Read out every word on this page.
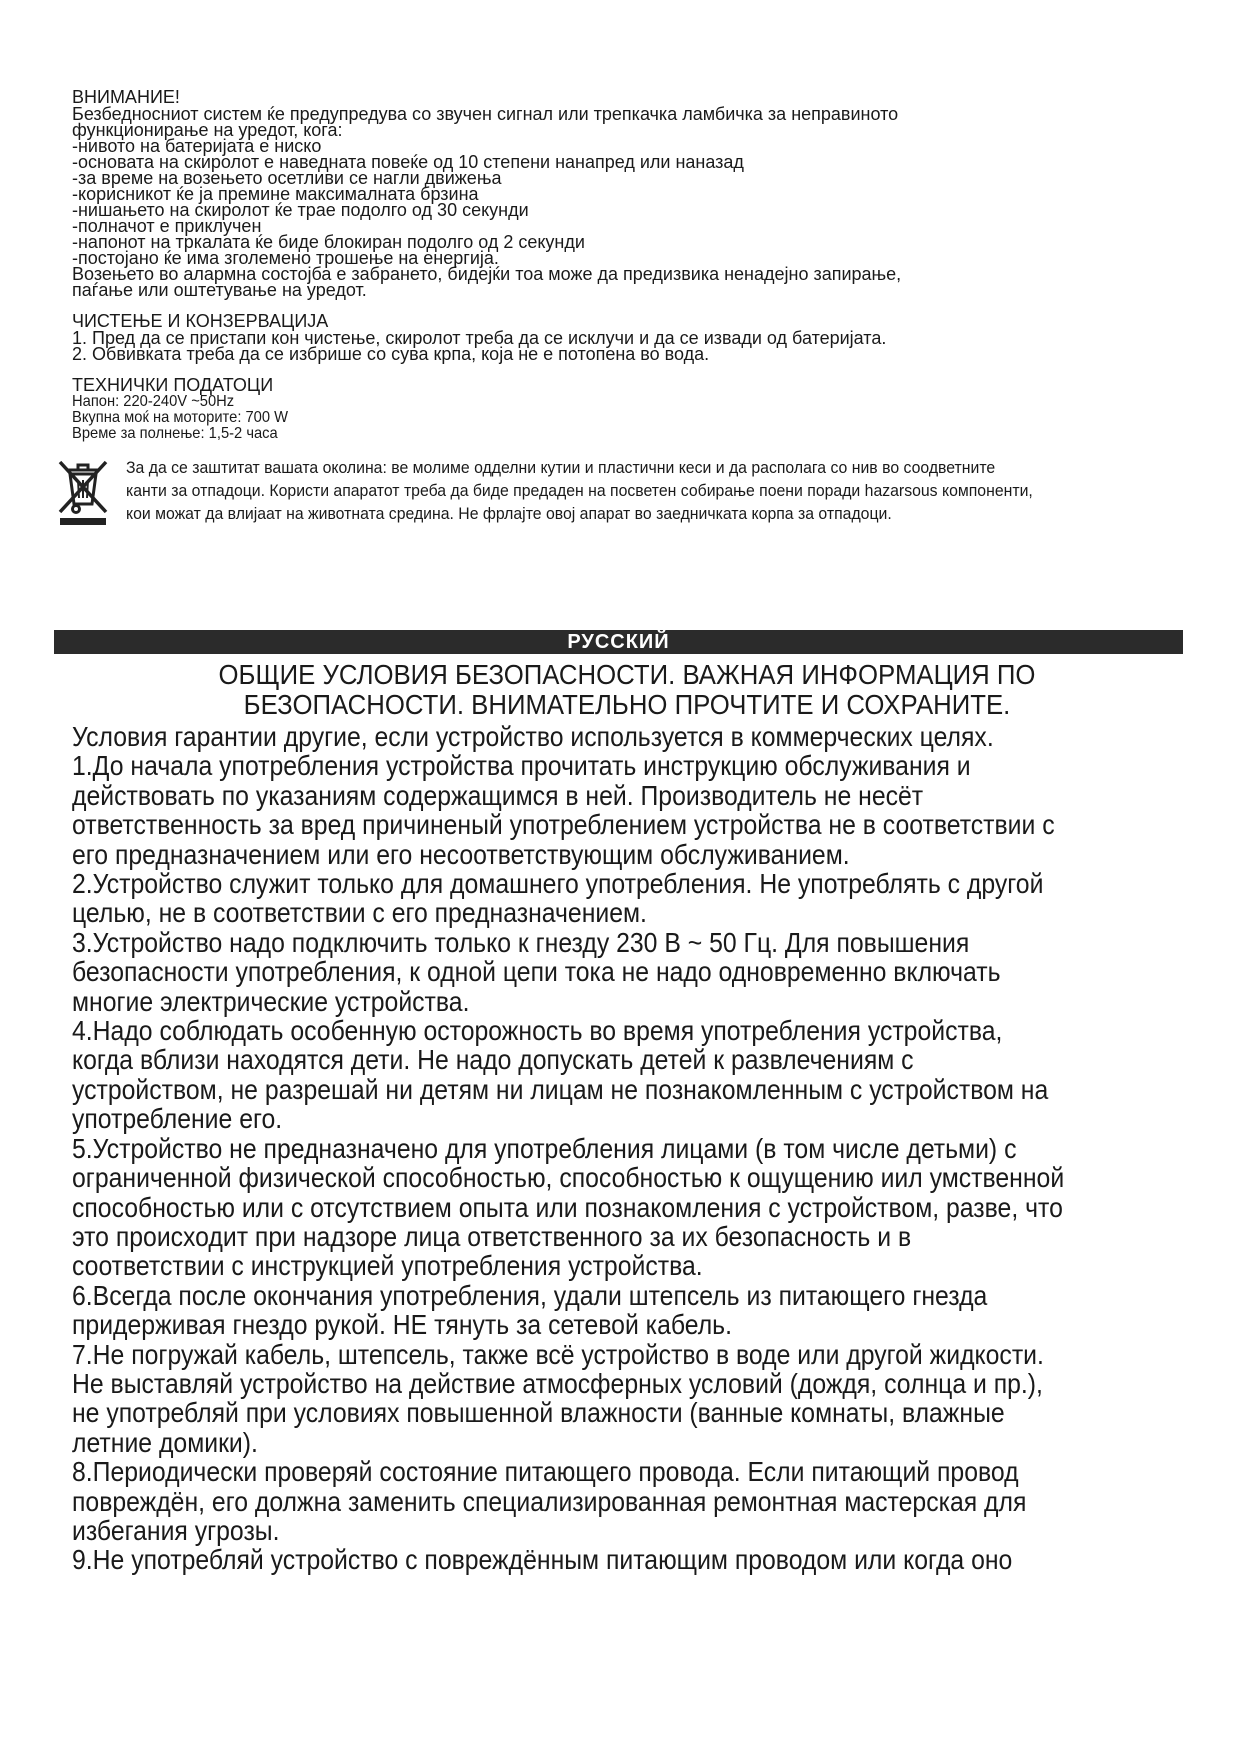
ВНИМАНИЕ!
Безбедносниот систем ќе предупредува со звучен сигнал или трепкачка ламбичка за неправиното
функционирање на уредот, кога:
-нивото на батеријата е ниско
-основата на скиролот е наведната повеќе од 10 степени нанапред или наназад
-за време на возењето осетливи се нагли движења
-корисникот ќе ја премине максималната брзина
-нишањето на скиролот ќе трае подолго од 30 секунди
-полначот е приклучен
-напонот на тркалата ќе биде блокиран подолго од 2 секунди
-постојано ќе има зголемено трошење на енергија.
Возењето во алармна состојба е забрането, бидејќи тоа може да предизвика ненадејно запирање,
паѓање или оштетување на уредот.
ЧИСТЕЊЕ И КОНЗЕРВАЦИЈА
1. Пред да се пристапи кон чистење, скиролот треба да се исклучи и да се извади од батеријата.
2. Обвивката треба да се избрише со сува крпа, која не е потопена во вода.
ТЕХНИЧКИ ПОДАТОЦИ
Напон: 220-240V ~50Hz
Вкупна моќ на моторите: 700 W
Време за полнење: 1,5-2 часа
За да се заштитат вашата околина: ве молиме одделни кутии и пластични кеси и да располага со нив во соодветните
канти за отпадоци. Користи апаратот треба да биде предаден на посветен собирање поени поради hazarsous компоненти,
кои можат да влијаат на животната средина. Не фрлајте овој апарат во заедничката корпа за отпадоци.
РУССКИЙ
ОБЩИЕ УСЛОВИЯ БЕЗОПАСНОСТИ. ВАЖНАЯ ИНФОРМАЦИЯ ПО
БЕЗОПАСНОСТИ. ВНИМАТЕЛЬНО ПРОЧТИТЕ И СОХРАНИТЕ.
Условия гарантии другие, если устройство используется в коммерческих целях.
1.До начала употребления устройства прочитать инструкцию обслуживания и
действовать по указаниям содержащимся в ней. Производитель не несёт
ответственность за вред причиненый употреблением устройства не в соответствии с
его предназначением или его несоответствующим обслуживанием.
2.Устройство служит только для домашнего употребления. Не употреблять с другой
целью, не в соответствии с его предназначением.
3.Устройство надо подключить только к гнезду 230 В ~ 50 Гц. Для повышения
безопасности употребления, к одной цепи тока не надо одновременно включать
многие электрические устройства.
4.Надо соблюдать особенную осторожность во время употребления устройства,
когда вблизи находятся дети. Не надо допускать детей к развлечениям с
устройством, не разрешай ни детям ни лицам не познакомленным с устройством на
употребление его.
5.Устройство не предназначено для употребления лицами (в том числе детьми) с
ограниченной физической способностью, способностью к ощущению иил умственной
способностью или с отсутствием опыта или познакомления с устройством, разве, что
это происходит при надзоре лица ответственного за их безопасность и в
соответствии с инструкцией употребления устройства.
6.Всегда после окончания употребления, удали штепсель из питающего гнезда
придерживая гнездо рукой. НЕ тянуть за сетевой кабель.
7.Не погружай кабель, штепсель, также всё устройство в воде или другой жидкости.
Не выставляй устройство на действие атмосферных условий (дождя, солнца и пр.),
не употребляй при условиях повышенной влажности (ванные комнаты, влажные
летние домики).
8.Периодически проверяй состояние питающего провода. Если питающий провод
повреждён, его должна заменить специализированная ремонтная мастерская для
избегания угрозы.
9.Не употребляй устройство с повреждённым питающим проводом или когда оно
